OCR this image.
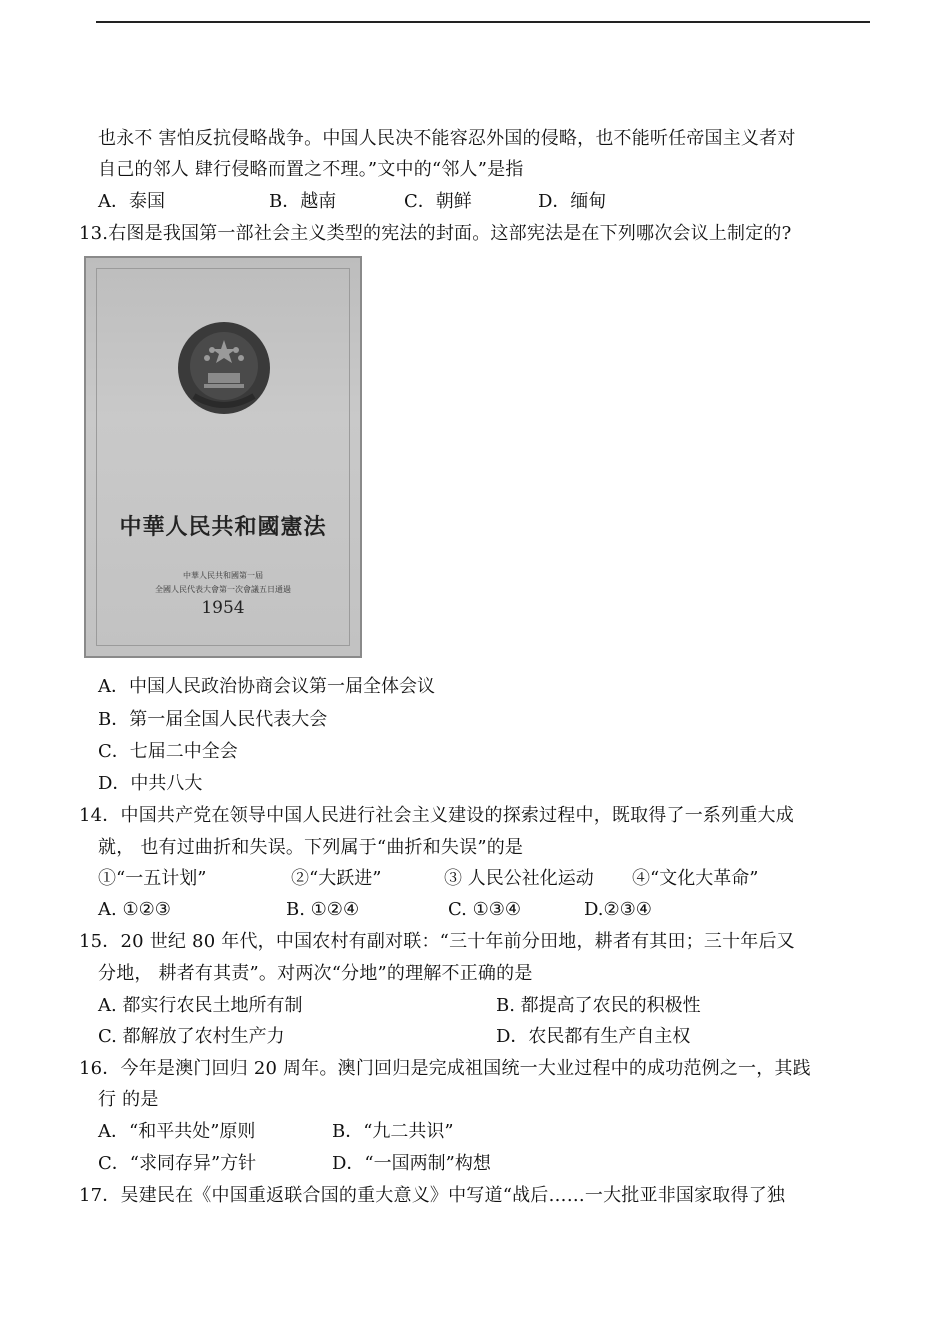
也永不 害怕反抗侵略战争。中国人民决不能容忍外国的侵略，也不能听任帝国主义者对
自己的邻人 肆行侵略而置之不理。”文中的“邻人”是指
A．泰国	B．越南	C．朝鲜	D．缅甸
13.右图是我国第一部社会主义类型的宪法的封面。这部宪法是在下列哪次会议上制定的?
中華人民共和國憲法
中華人民共和國第一屆
全國人民代表大會第一次會議五日通過
1954
A．中国人民政治协商会议第一届全体会议
B．第一届全国人民代表大会
C．七届二中全会
D．中共八大
14．中国共产党在领导中国人民进行社会主义建设的探索过程中，既取得了一系列重大成
就， 也有过曲折和失误。下列属于“曲折和失误”的是
①“一五计划”	②“大跃进”	③ 人民公社化运动 ④“文化大革命”
A. ①②③	B. ①②④	C. ①③④	D.②③④
15．20 世纪 80 年代，中国农村有副对联：“三十年前分田地，耕者有其田；三十年后又
分地， 耕者有其责”。对两次“分地”的理解不正确的是
A. 都实行农民土地所有制	B. 都提高了农民的积极性
C. 都解放了农村生产力	D．农民都有生产自主权
16．今年是澳门回归 20 周年。澳门回归是完成祖国统一大业过程中的成功范例之一，其践
行 的是
A．“和平共处”原则	B．“九二共识”
C．“求同存异”方针	D．“一国两制”构想
17．吴建民在《中国重返联合国的重大意义》中写道“战后……一大批亚非国家取得了独
